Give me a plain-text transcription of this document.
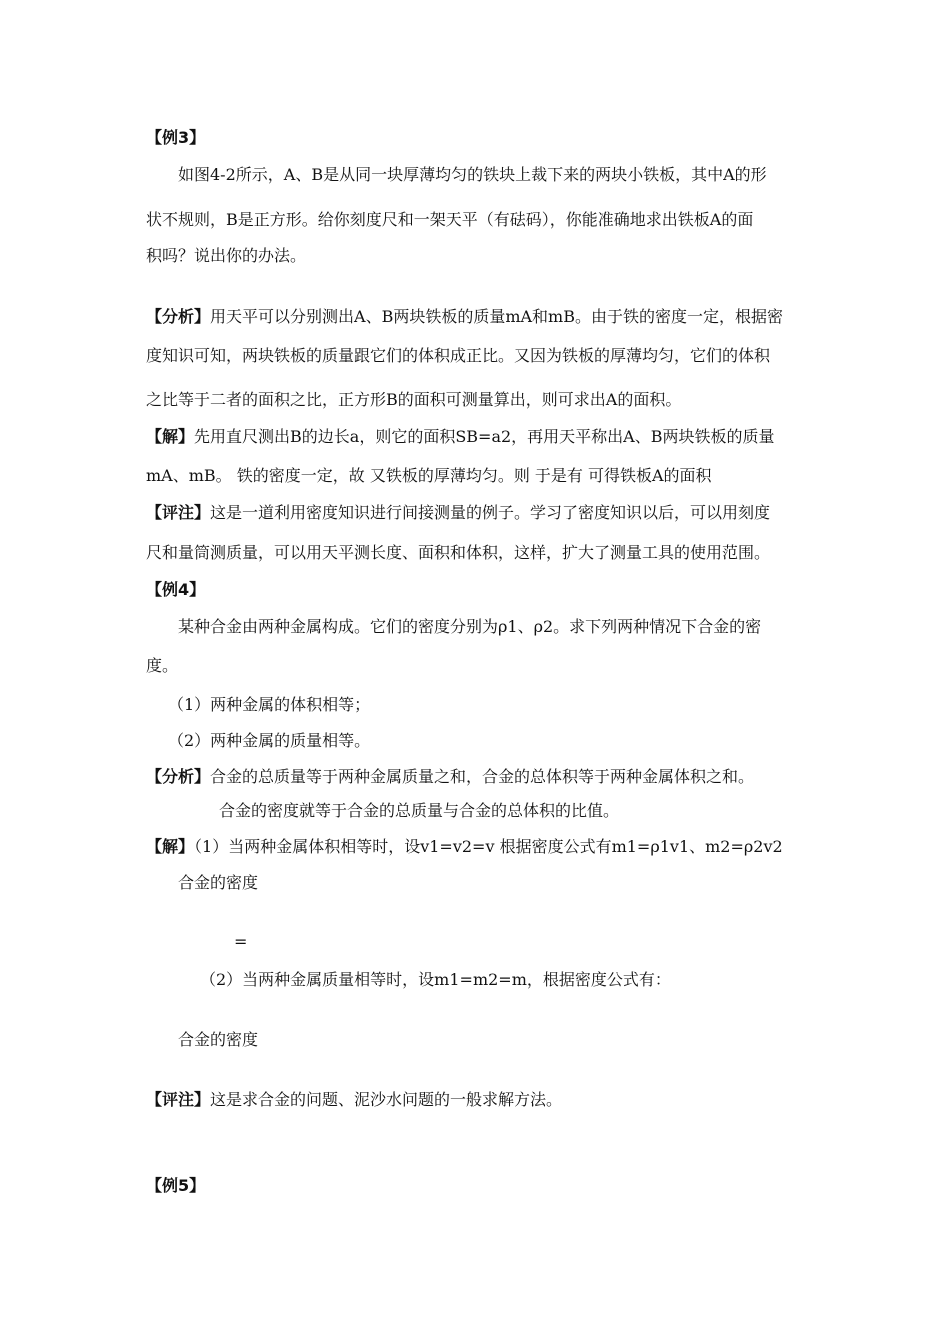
【例3】
如图4-2所示，A、B是从同一块厚薄均匀的铁块上裁下来的两块小铁板，其中A的形
状不规则，B是正方形。给你刻度尺和一架天平（有砝码），你能准确地求出铁板A的面
积吗？说出你的办法。
【分析】用天平可以分别测出A、B两块铁板的质量mA和mB。由于铁的密度一定，根据密
度知识可知，两块铁板的质量跟它们的体积成正比。又因为铁板的厚薄均匀，它们的体积
之比等于二者的面积之比，正方形B的面积可测量算出，则可求出A的面积。
【解】先用直尺测出B的边长a，则它的面积SB=a2，再用天平称出A、B两块铁板的质量
mA、mB。 铁的密度一定，故 又铁板的厚薄均匀。则 于是有 可得铁板A的面积
【评注】这是一道利用密度知识进行间接测量的例子。学习了密度知识以后，可以用刻度
尺和量筒测质量，可以用天平测长度、面积和体积，这样，扩大了测量工具的使用范围。
【例4】
某种合金由两种金属构成。它们的密度分别为ρ1、ρ2。求下列两种情况下合金的密
度。
（1）两种金属的体积相等；
（2）两种金属的质量相等。
【分析】合金的总质量等于两种金属质量之和，合金的总体积等于两种金属体积之和。
合金的密度就等于合金的总质量与合金的总体积的比值。
【解】（1）当两种金属体积相等时，设v1=v2=v 根据密度公式有m1=ρ1v1、m2=ρ2v2
合金的密度
=
（2）当两种金属质量相等时，设m1=m2=m，根据密度公式有：
合金的密度
【评注】这是求合金的问题、泥沙水问题的一般求解方法。
【例5】
